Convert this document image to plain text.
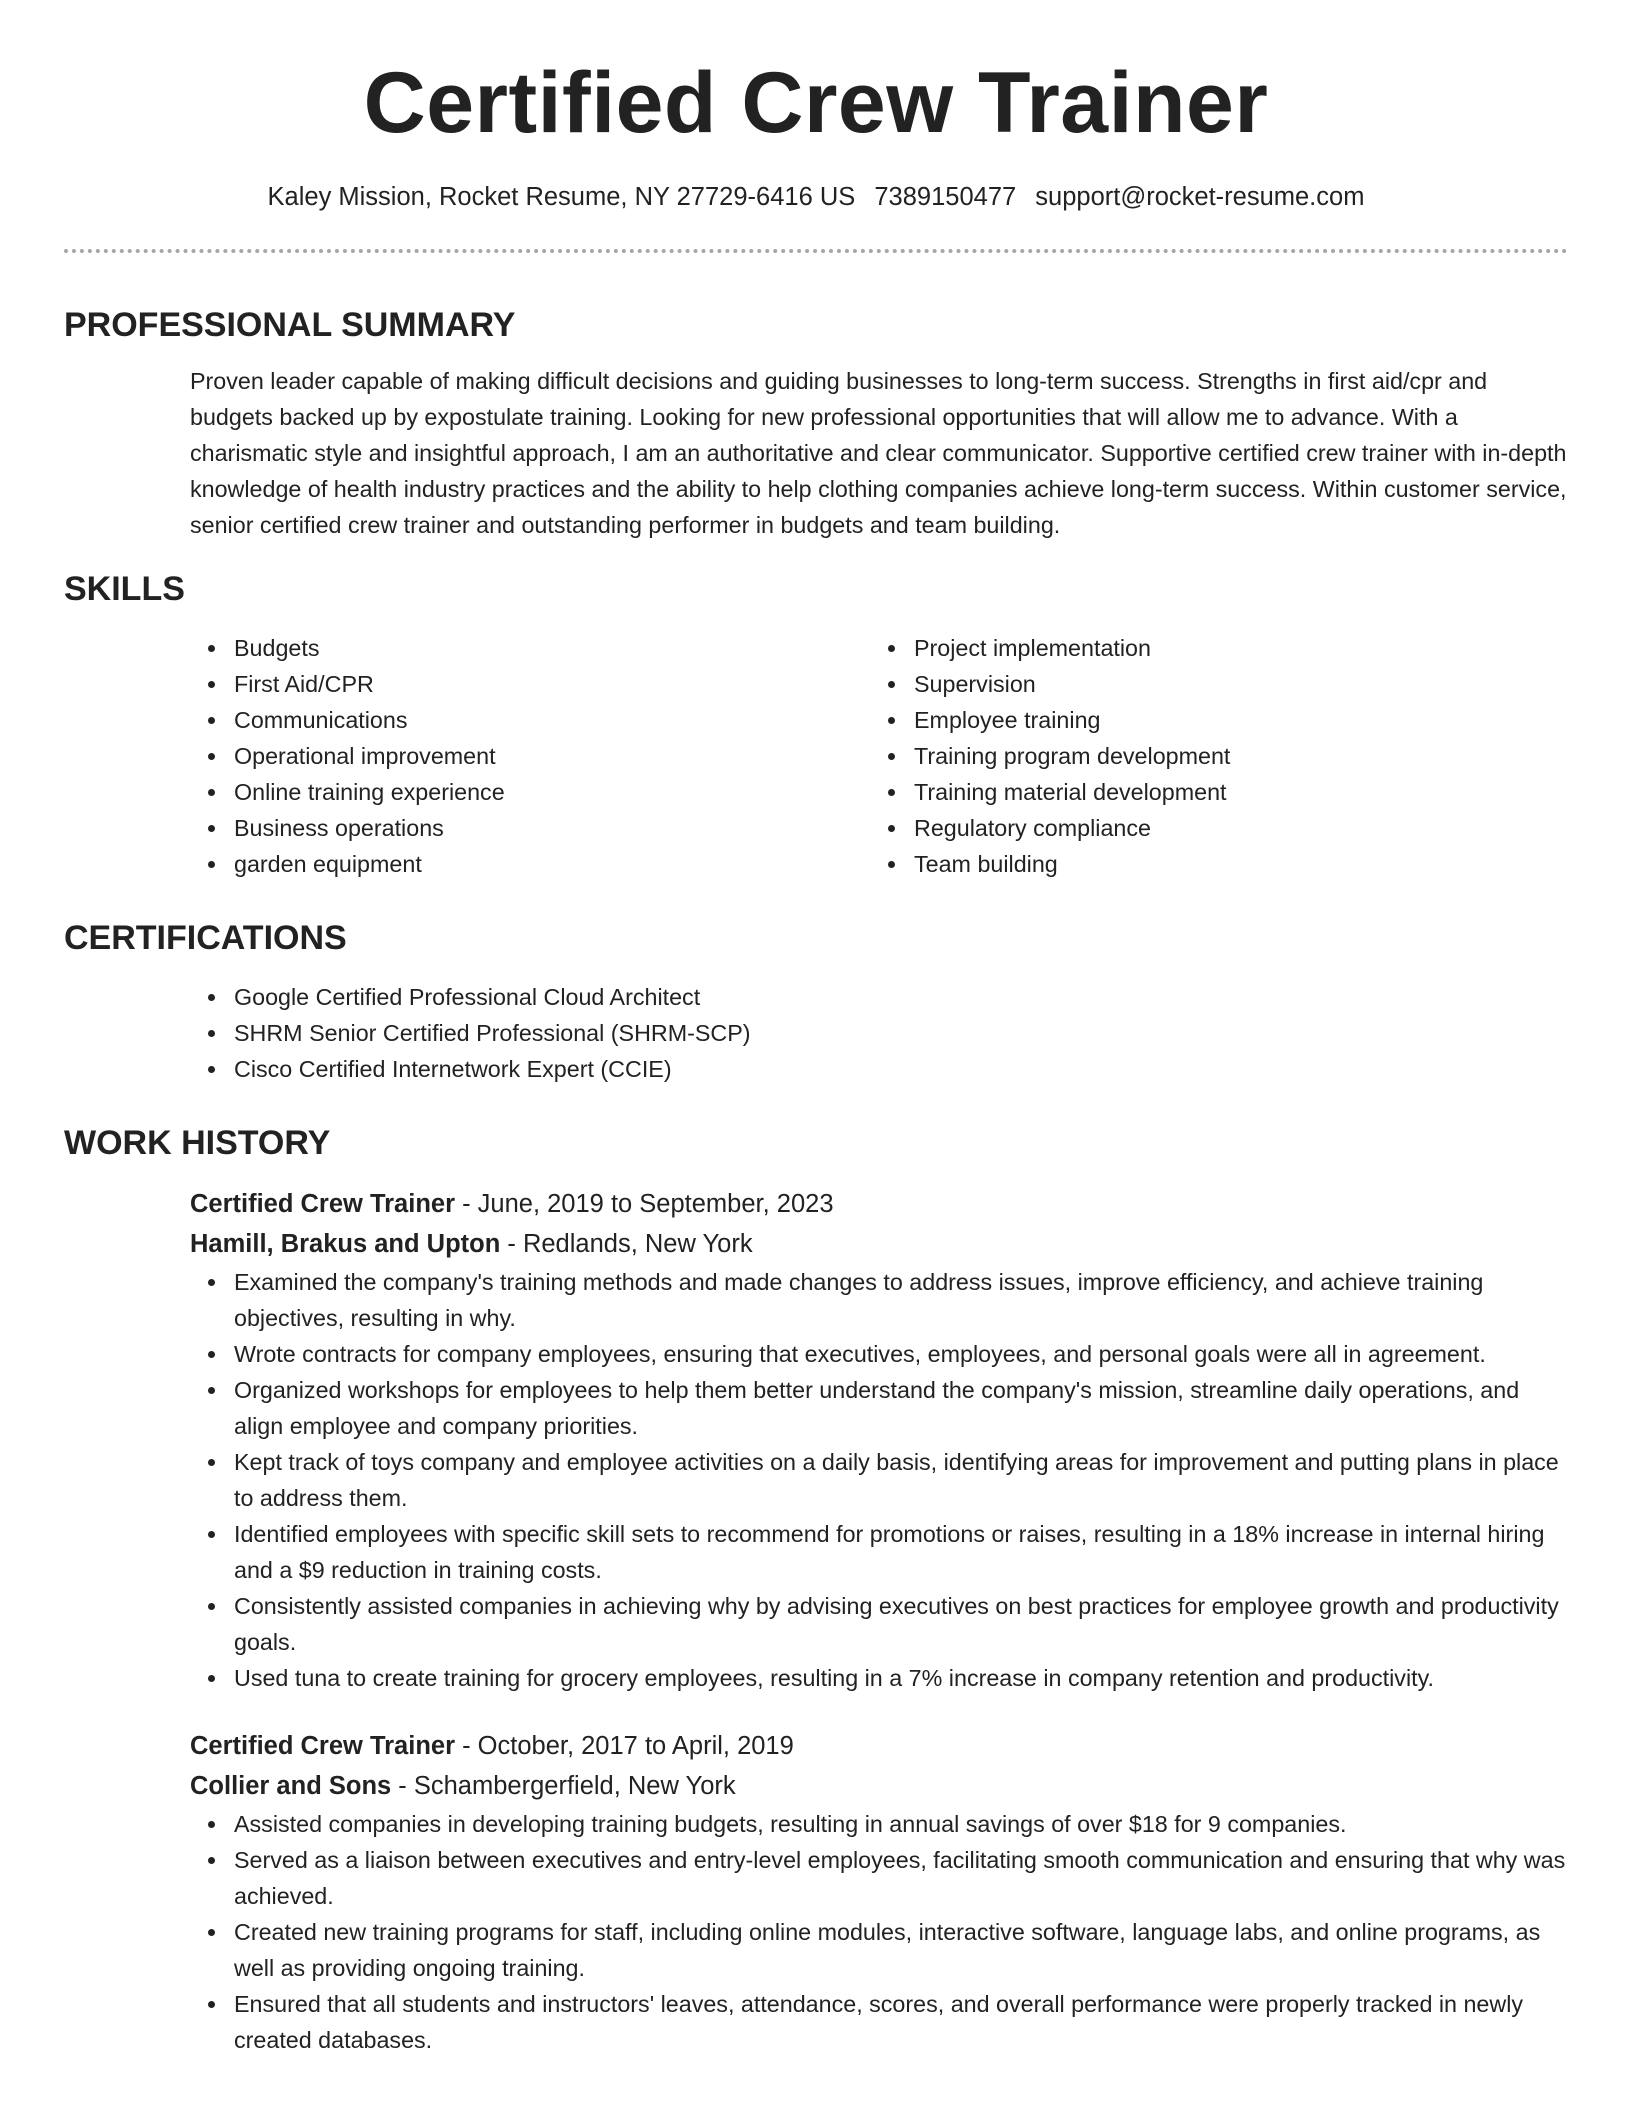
Certified Crew Trainer
Kaley Mission, Rocket Resume, NY 27729-6416 US 7389150477 support@rocket-resume.com
PROFESSIONAL SUMMARY

Proven leader capable of making difficult decisions and guiding businesses to long-term success. Strengths in first aid/cpr and budgets backed up by expostulate training. Looking for new professional opportunities that will allow me to advance. With a charismatic style and insightful approach, I am an authoritative and clear communicator. Supportive certified crew trainer with in-depth knowledge of health industry practices and the ability to help clothing companies achieve long-term success. Within customer service, senior certified crew trainer and outstanding performer in budgets and team building.

SKILLS
Budgets
First Aid/CPR
Communications
Operational improvement
Online training experience
Business operations
garden equipment
Project implementation
Supervision
Employee training
Training program development
Training material development
Regulatory compliance
Team building
CERTIFICATIONS
Google Certified Professional Cloud Architect
SHRM Senior Certified Professional (SHRM-SCP)
Cisco Certified Internetwork Expert (CCIE)
WORK HISTORY
Certified Crew Trainer - June, 2019 to September, 2023
Hamill, Brakus and Upton - Redlands, New York
Examined the company's training methods and made changes to address issues, improve efficiency, and achieve training objectives, resulting in why.
Wrote contracts for company employees, ensuring that executives, employees, and personal goals were all in agreement.
Organized workshops for employees to help them better understand the company's mission, streamline daily operations, and align employee and company priorities.
Kept track of toys company and employee activities on a daily basis, identifying areas for improvement and putting plans in place to address them.
Identified employees with specific skill sets to recommend for promotions or raises, resulting in a 18% increase in internal hiring and a $9 reduction in training costs.
Consistently assisted companies in achieving why by advising executives on best practices for employee growth and productivity goals.
Used tuna to create training for grocery employees, resulting in a 7% increase in company retention and productivity.
Certified Crew Trainer - October, 2017 to April, 2019
Collier and Sons - Schambergerfield, New York
Assisted companies in developing training budgets, resulting in annual savings of over $18 for 9 companies.
Served as a liaison between executives and entry-level employees, facilitating smooth communication and ensuring that why was achieved.
Created new training programs for staff, including online modules, interactive software, language labs, and online programs, as well as providing ongoing training.
Ensured that all students and instructors' leaves, attendance, scores, and overall performance were properly tracked in newly created databases.
